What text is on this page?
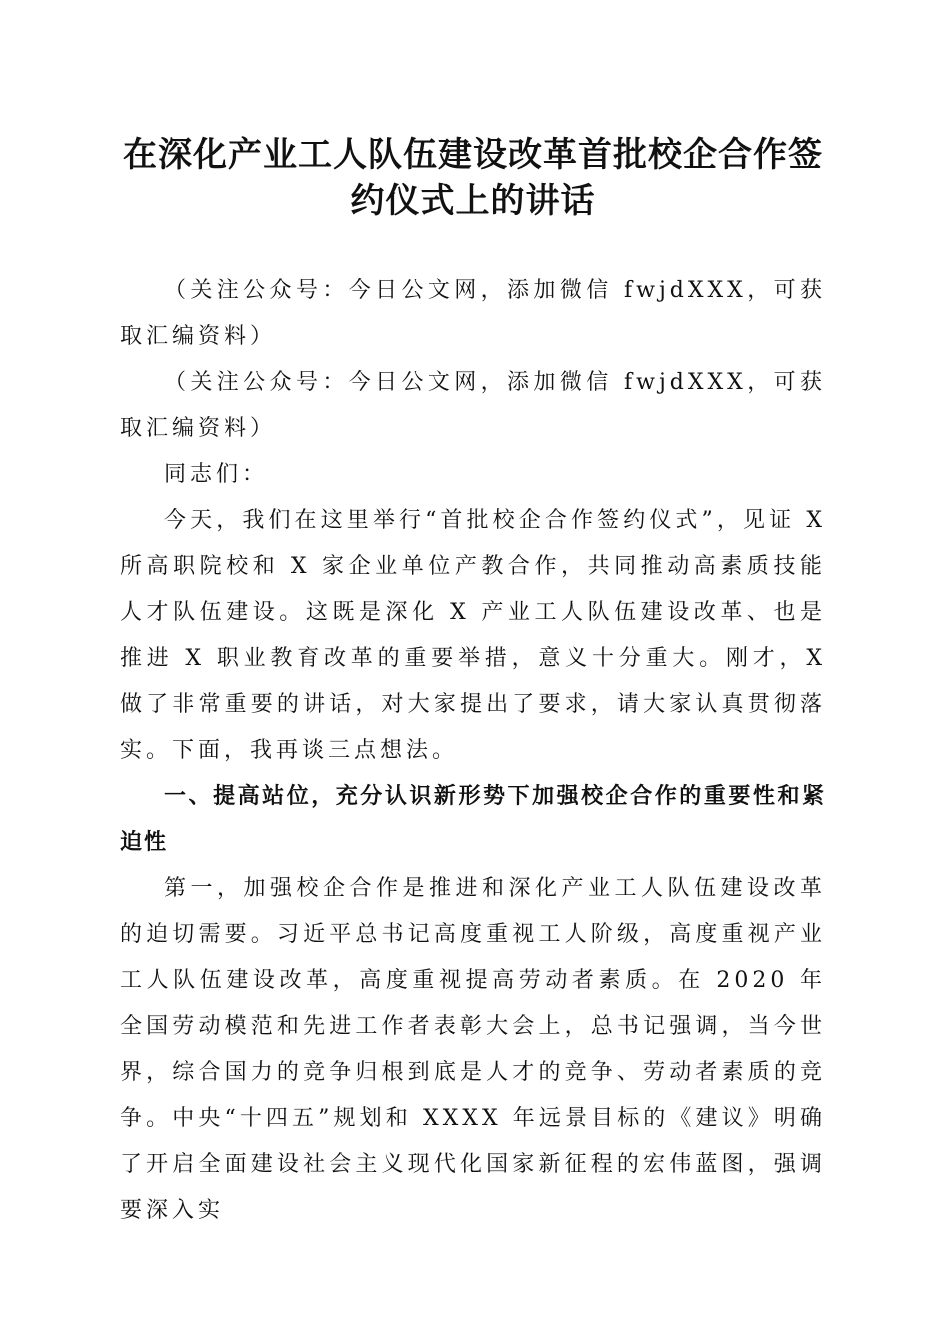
在深化产业工人队伍建设改革首批校企合作签
约仪式上的讲话

（关注公众号：今日公文网，添加微信 fwjdXXX，可获取汇编资料）

（关注公众号：今日公文网，添加微信 fwjdXXX，可获取汇编资料）

同志们：

今天，我们在这里举行“首批校企合作签约仪式”，见证 X 所高职院校和 X 家企业单位产教合作，共同推动高素质技能人才队伍建设。这既是深化 X 产业工人队伍建设改革、也是推进 X 职业教育改革的重要举措，意义十分重大。刚才，X 做了非常重要的讲话，对大家提出了要求，请大家认真贯彻落实。下面，我再谈三点想法。

一、提高站位，充分认识新形势下加强校企合作的重要性和紧迫性

第一，加强校企合作是推进和深化产业工人队伍建设改革的迫切需要。习近平总书记高度重视工人阶级，高度重视产业工人队伍建设改革，高度重视提高劳动者素质。在 2020 年全国劳动模范和先进工作者表彰大会上，总书记强调，当今世界，综合国力的竞争归根到底是人才的竞争、劳动者素质的竞争。中央“十四五”规划和 XXXX 年远景目标的《建议》明确了开启全面建设社会主义现代化国家新征程的宏伟蓝图，强调要深入实
